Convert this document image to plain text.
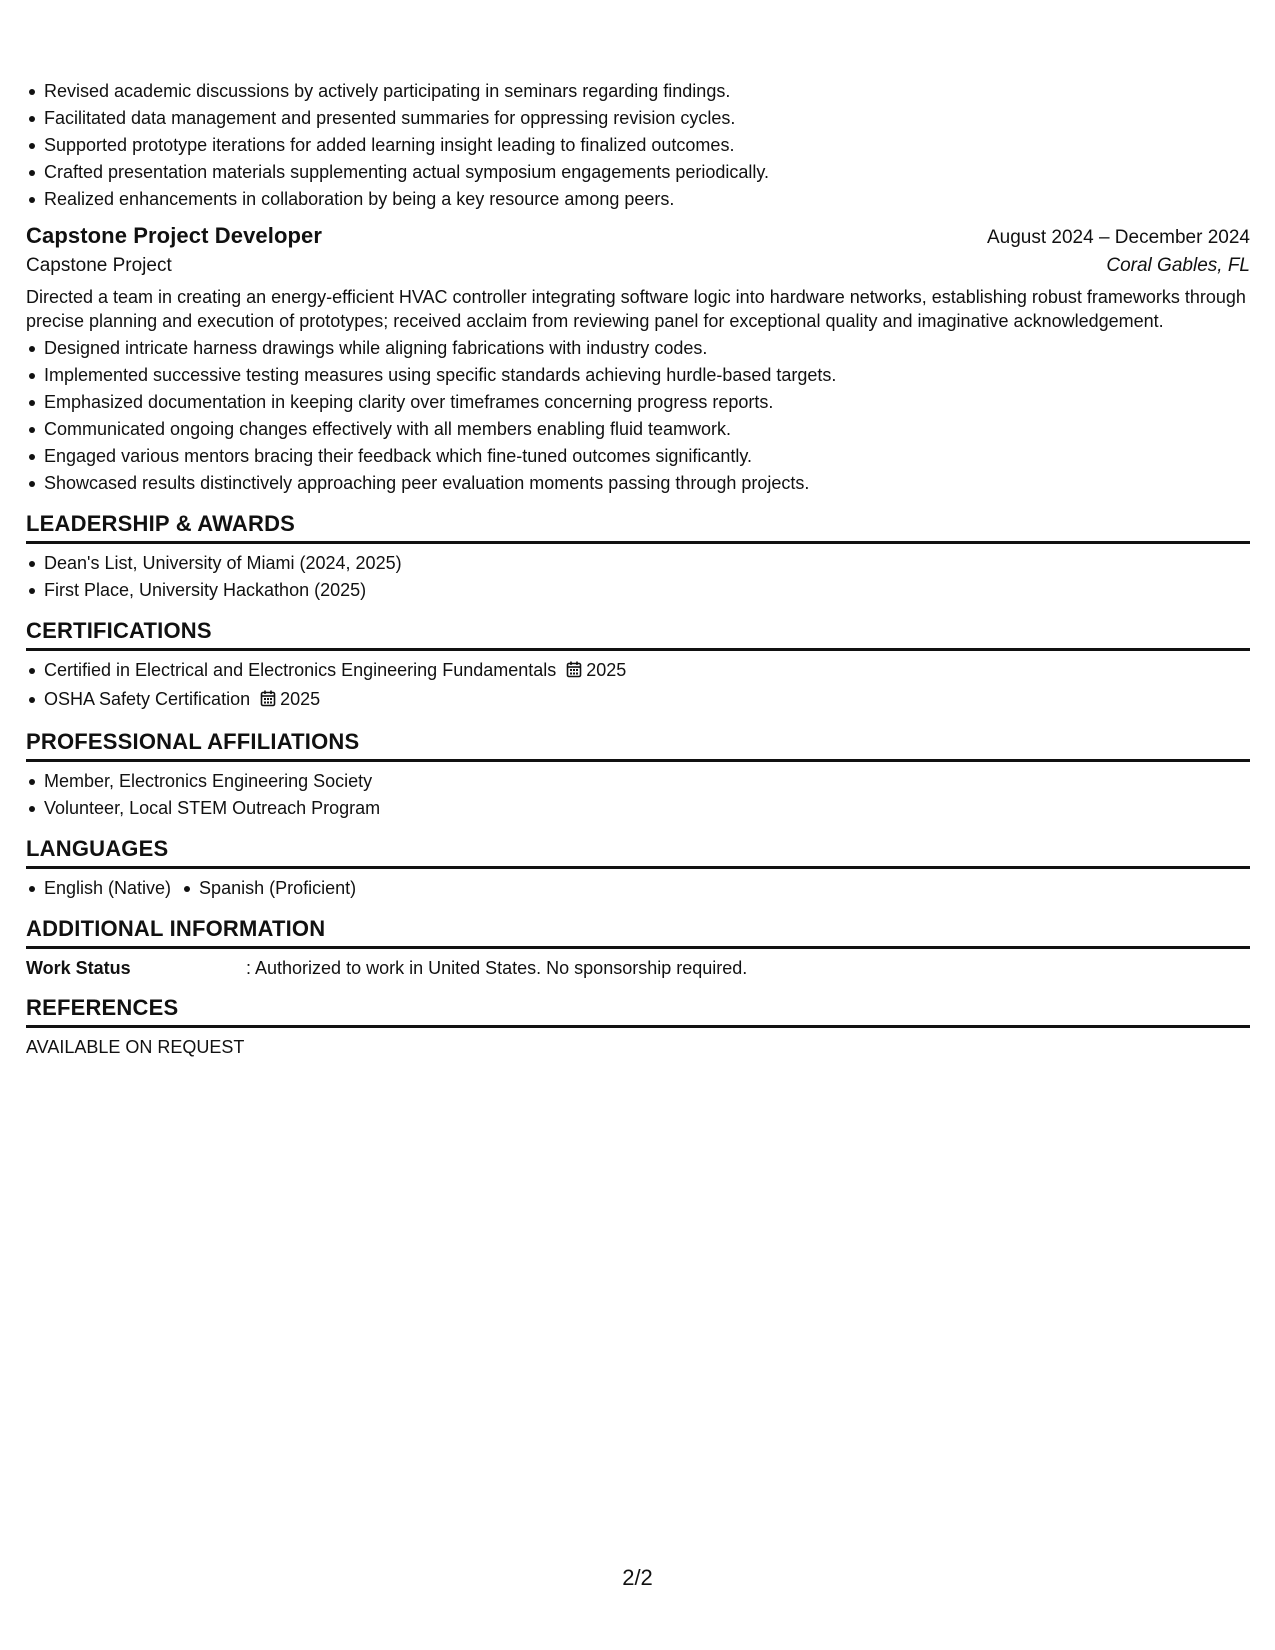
Revised academic discussions by actively participating in seminars regarding findings.
Facilitated data management and presented summaries for oppressing revision cycles.
Supported prototype iterations for added learning insight leading to finalized outcomes.
Crafted presentation materials supplementing actual symposium engagements periodically.
Realized enhancements in collaboration by being a key resource among peers.
Capstone Project Developer	August 2024 – December 2024
Capstone Project	Coral Gables, FL
Directed a team in creating an energy-efficient HVAC controller integrating software logic into hardware networks, establishing robust frameworks through precise planning and execution of prototypes; received acclaim from reviewing panel for exceptional quality and imaginative acknowledgement.
Designed intricate harness drawings while aligning fabrications with industry codes.
Implemented successive testing measures using specific standards achieving hurdle-based targets.
Emphasized documentation in keeping clarity over timeframes concerning progress reports.
Communicated ongoing changes effectively with all members enabling fluid teamwork.
Engaged various mentors bracing their feedback which fine-tuned outcomes significantly.
Showcased results distinctively approaching peer evaluation moments passing through projects.
LEADERSHIP & AWARDS
Dean's List, University of Miami (2024, 2025)
First Place, University Hackathon (2025)
CERTIFICATIONS
Certified in Electrical and Electronics Engineering Fundamentals 2025
OSHA Safety Certification 2025
PROFESSIONAL AFFILIATIONS
Member, Electronics Engineering Society
Volunteer, Local STEM Outreach Program
LANGUAGES
English (Native) Spanish (Proficient)
ADDITIONAL INFORMATION
Work Status	: Authorized to work in United States. No sponsorship required.
REFERENCES
AVAILABLE ON REQUEST
2/2
